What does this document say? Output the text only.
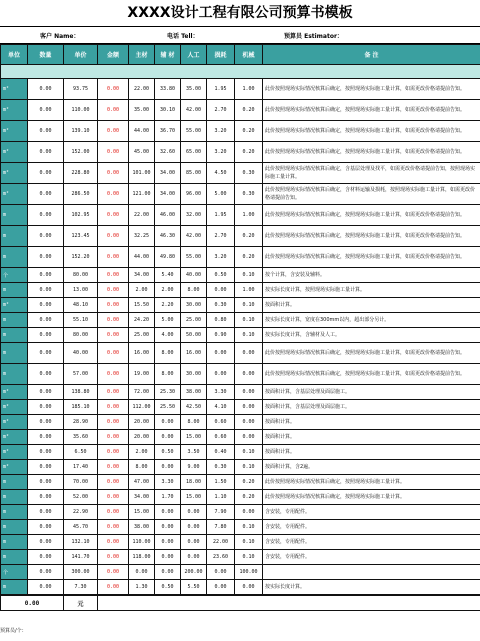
XXXX设计工程有限公司预算书模板
客户 Name：	电话 Tell：	预算员 Estimator：
单位	数量	单价	金额	主材	辅 材	人工	损耗	机械	备 注

m²	0.00	93.75	0.00	22.00	33.80	35.00	1.95	1.00	此价按照现场实际情况核算后确定，按照现场实际施工量计算，如需更改价格请提前告知。
m²	0.00	110.00	0.00	35.00	30.10	42.00	2.70	0.20	此价按照现场实际情况核算后确定，按照现场实际施工量计算，如需更改价格请提前告知。
m²	0.00	139.10	0.00	44.00	36.70	55.00	3.20	0.20	此价按照现场实际情况核算后确定，按照现场实际施工量计算，如需更改价格请提前告知。
m²	0.00	152.00	0.00	45.00	32.60	65.00	3.20	0.20	此价按照现场实际情况核算后确定，按照现场实际施工量计算，如需更改价格请提前告知。
m²	0.00	228.80	0.00	101.00	34.00	85.00	4.50	0.30	此价按照现场实际情况核算后确定，含基层处理及找平，如需更改价格请提前告知，按照现场实际施工量计算。
m²	0.00	286.50	0.00	121.00	34.00	96.00	5.00	0.30	此价按照现场实际情况核算后确定，含材料运输及损耗，按照现场实际施工量计算，如需更改价格请提前告知。
m	0.00	102.95	0.00	22.00	46.00	32.00	1.95	1.00	此价按照现场实际情况核算后确定，按照现场实际施工量计算，如需更改价格请提前告知。
m	0.00	123.45	0.00	32.25	46.30	42.00	2.70	0.20	此价按照现场实际情况核算后确定，按照现场实际施工量计算，如需更改价格请提前告知。
m	0.00	152.20	0.00	44.00	49.80	55.00	3.20	0.20	此价按照现场实际情况核算后确定，按照现场实际施工量计算，如需更改价格请提前告知。
个	0.00	80.00	0.00	34.00	5.40	40.00	0.50	0.10	按个计算，含安装及辅料。
m	0.00	13.00	0.00	2.00	2.00	8.00	0.00	1.00	按实际长度计算，按照现场实际施工量计算。
m²	0.00	48.10	0.00	15.50	2.20	30.00	0.30	0.10	按面积计算。
m	0.00	55.10	0.00	24.20	5.00	25.00	0.80	0.10	按实际长度计算，宽度在300mm以内，超出部分另计。
m	0.00	80.00	0.00	25.00	4.00	50.00	0.90	0.10	按实际长度计算，含辅材及人工。
m	0.00	40.00	0.00	16.00	8.00	16.00	0.00	0.00	此价按照现场实际情况核算后确定，按照现场实际施工量计算，如需更改价格请提前告知。
m	0.00	57.00	0.00	19.00	8.00	30.00	0.00	0.00	此价按照现场实际情况核算后确定，按照现场实际施工量计算，如需更改价格请提前告知。
m²	0.00	138.80	0.00	72.00	25.30	38.00	3.30	0.00	按面积计算，含基层处理及面层施工。
m²	0.00	185.10	0.00	112.00	25.50	42.50	4.10	0.00	按面积计算，含基层处理及面层施工。
m²	0.00	28.90	0.00	20.00	0.00	8.00	0.60	0.00	按面积计算。
m²	0.00	35.60	0.00	20.00	0.00	15.00	0.60	0.00	按面积计算。
m²	0.00	6.50	0.00	2.00	0.50	3.50	0.40	0.10	按面积计算。
m²	0.00	17.40	0.00	8.00	0.00	9.00	0.30	0.10	按面积计算，含2遍。
m	0.00	70.00	0.00	47.00	3.30	18.00	1.50	0.20	此价按照现场实际情况核算后确定，按照现场实际施工量计算。
m	0.00	52.00	0.00	34.00	1.70	15.00	1.10	0.20	此价按照现场实际情况核算后确定，按照现场实际施工量计算。
m	0.00	22.90	0.00	15.00	0.00	0.00	7.90	0.00	含安装，专用配件。
m	0.00	45.70	0.00	38.00	0.00	0.00	7.80	0.10	含安装，专用配件。
m	0.00	132.10	0.00	110.00	0.00	0.00	22.00	0.10	含安装，专用配件。
m	0.00	141.70	0.00	118.00	0.00	0.00	23.60	0.10	含安装，专用配件。
个	0.00	300.00	0.00	0.00	0.00	200.00	0.00	100.00	
m	0.00	7.30	0.00	1.30	0.50	5.50	0.00	0.00	按实际长度计算。
0.00	元	
预算员/个：
